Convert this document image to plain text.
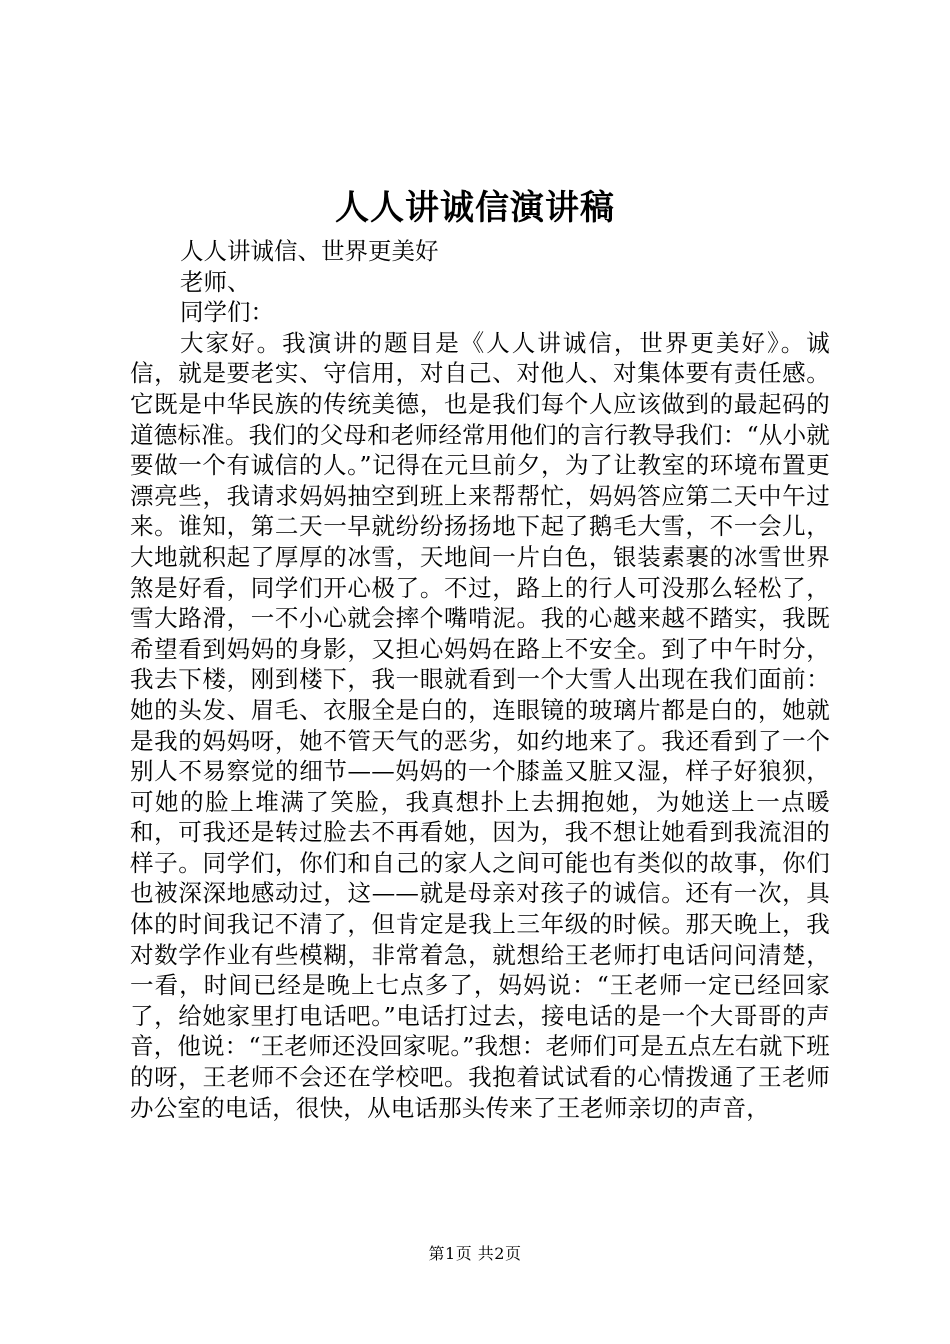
人人讲诚信演讲稿
人人讲诚信、世界更美好
老师、
同学们：
大家好。我演讲的题目是《人人讲诚信，世界更美好》。诚信，就是要老实、守信用，对自己、对他人、对集体要有责任感。它既是中华民族的传统美德，也是我们每个人应该做到的最起码的道德标准。我们的父母和老师经常用他们的言行教导我们：“从小就要做一个有诚信的人。”记得在元旦前夕，为了让教室的环境布置更漂亮些，我请求妈妈抽空到班上来帮帮忙，妈妈答应第二天中午过来。谁知，第二天一早就纷纷扬扬地下起了鹅毛大雪，不一会儿，大地就积起了厚厚的冰雪，天地间一片白色，银装素裹的冰雪世界煞是好看，同学们开心极了。不过，路上的行人可没那么轻松了，雪大路滑，一不小心就会摔个嘴啃泥。我的心越来越不踏实，我既希望看到妈妈的身影，又担心妈妈在路上不安全。到了中午时分，我去下楼，刚到楼下，我一眼就看到一个大雪人出现在我们面前：她的头发、眉毛、衣服全是白的，连眼镜的玻璃片都是白的，她就是我的妈妈呀，她不管天气的恶劣，如约地来了。我还看到了一个别人不易察觉的细节——妈妈的一个膝盖又脏又湿，样子好狼狈，可她的脸上堆满了笑脸，我真想扑上去拥抱她，为她送上一点暖和，可我还是转过脸去不再看她，因为，我不想让她看到我流泪的样子。同学们，你们和自己的家人之间可能也有类似的故事，你们也被深深地感动过，这——就是母亲对孩子的诚信。还有一次，具体的时间我记不清了，但肯定是我上三年级的时候。那天晚上，我对数学作业有些模糊，非常着急，就想给王老师打电话问问清楚，一看，时间已经是晚上七点多了，妈妈说：“王老师一定已经回家了，给她家里打电话吧。”电话打过去，接电话的是一个大哥哥的声音，他说：“王老师还没回家呢。”我想：老师们可是五点左右就下班的呀，王老师不会还在学校吧。我抱着试试看的心情拨通了王老师办公室的电话，很快，从电话那头传来了王老师亲切的声音，
第1页 共2页
